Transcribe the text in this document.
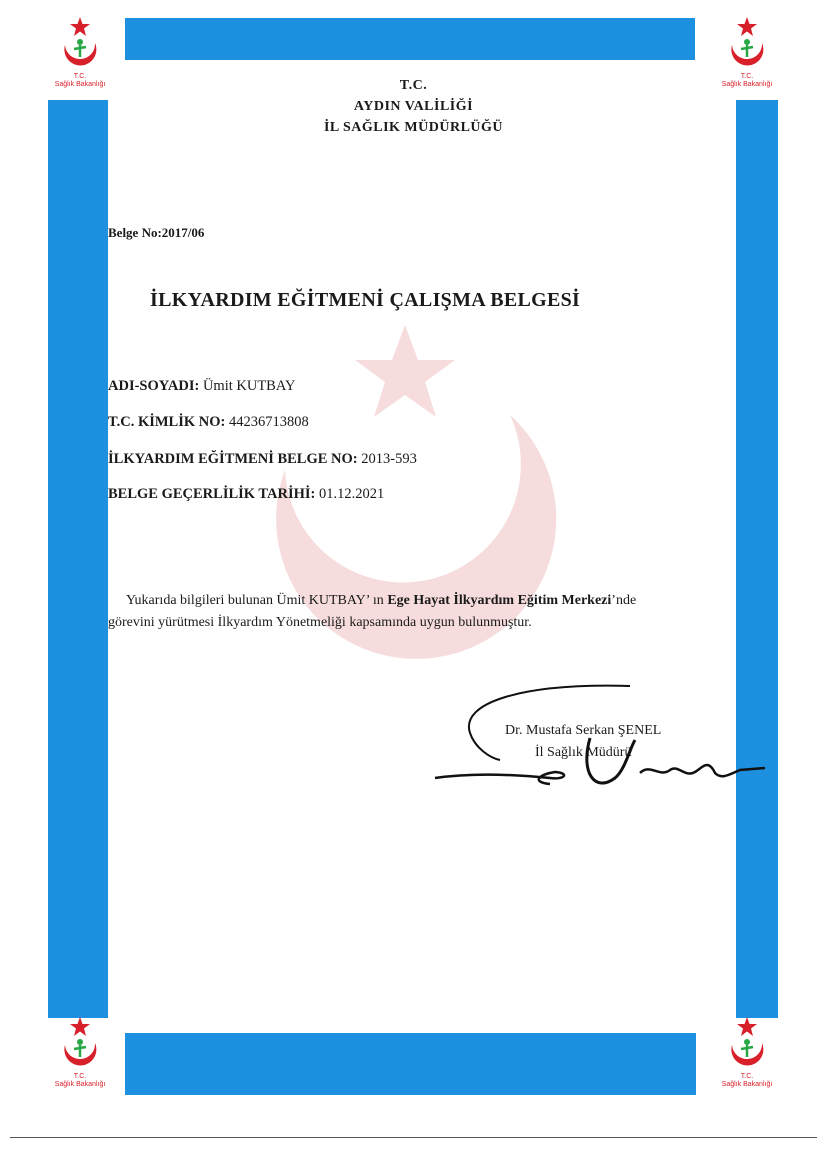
T.C.
Sağlık Bakanlığı
T.C.
Sağlık Bakanlığı
T.C.
Sağlık Bakanlığı
T.C.
Sağlık Bakanlığı
T.C.
AYDIN VALİLİĞİ
İL SAĞLIK MÜDÜRLÜĞÜ
Belge No:2017/06
İLKYARDIM EĞİTMENİ ÇALIŞMA BELGESİ
ADI-SOYADI: Ümit KUTBAY
T.C. KİMLİK NO: 44236713808
İLKYARDIM EĞİTMENİ BELGE NO: 2013-593
BELGE GEÇERLİLİK TARİHİ: 01.12.2021
Yukarıda bilgileri bulunan Ümit KUTBAY’ ın Ege Hayat İlkyardım Eğitim Merkezi’nde
görevini yürütmesi İlkyardım Yönetmeliği kapsamında uygun bulunmuştur.
Dr. Mustafa Serkan ŞENEL
İl Sağlık Müdürü
